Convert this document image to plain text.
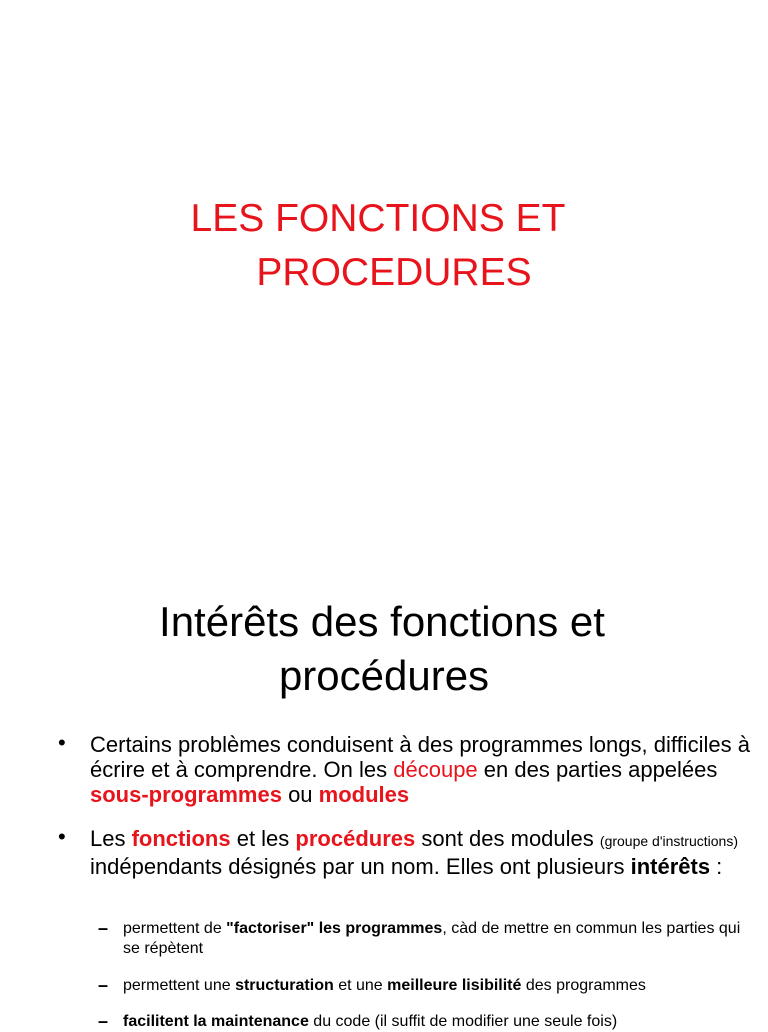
LES FONCTIONS ET
PROCEDURES
Intérêts des fonctions et
procédures
• Certains problèmes conduisent à des programmes longs, difficiles à écrire et à comprendre. On les découpe en des parties appelées sous-programmes ou modules
• Les fonctions et les procédures sont des modules (groupe d'instructions) indépendants désignés par un nom. Elles ont plusieurs intérêts :
– permettent de "factoriser" les programmes, càd de mettre en commun les parties qui se répètent
– permettent une structuration et une meilleure lisibilité des programmes
– facilitent la maintenance du code (il suffit de modifier une seule fois)
